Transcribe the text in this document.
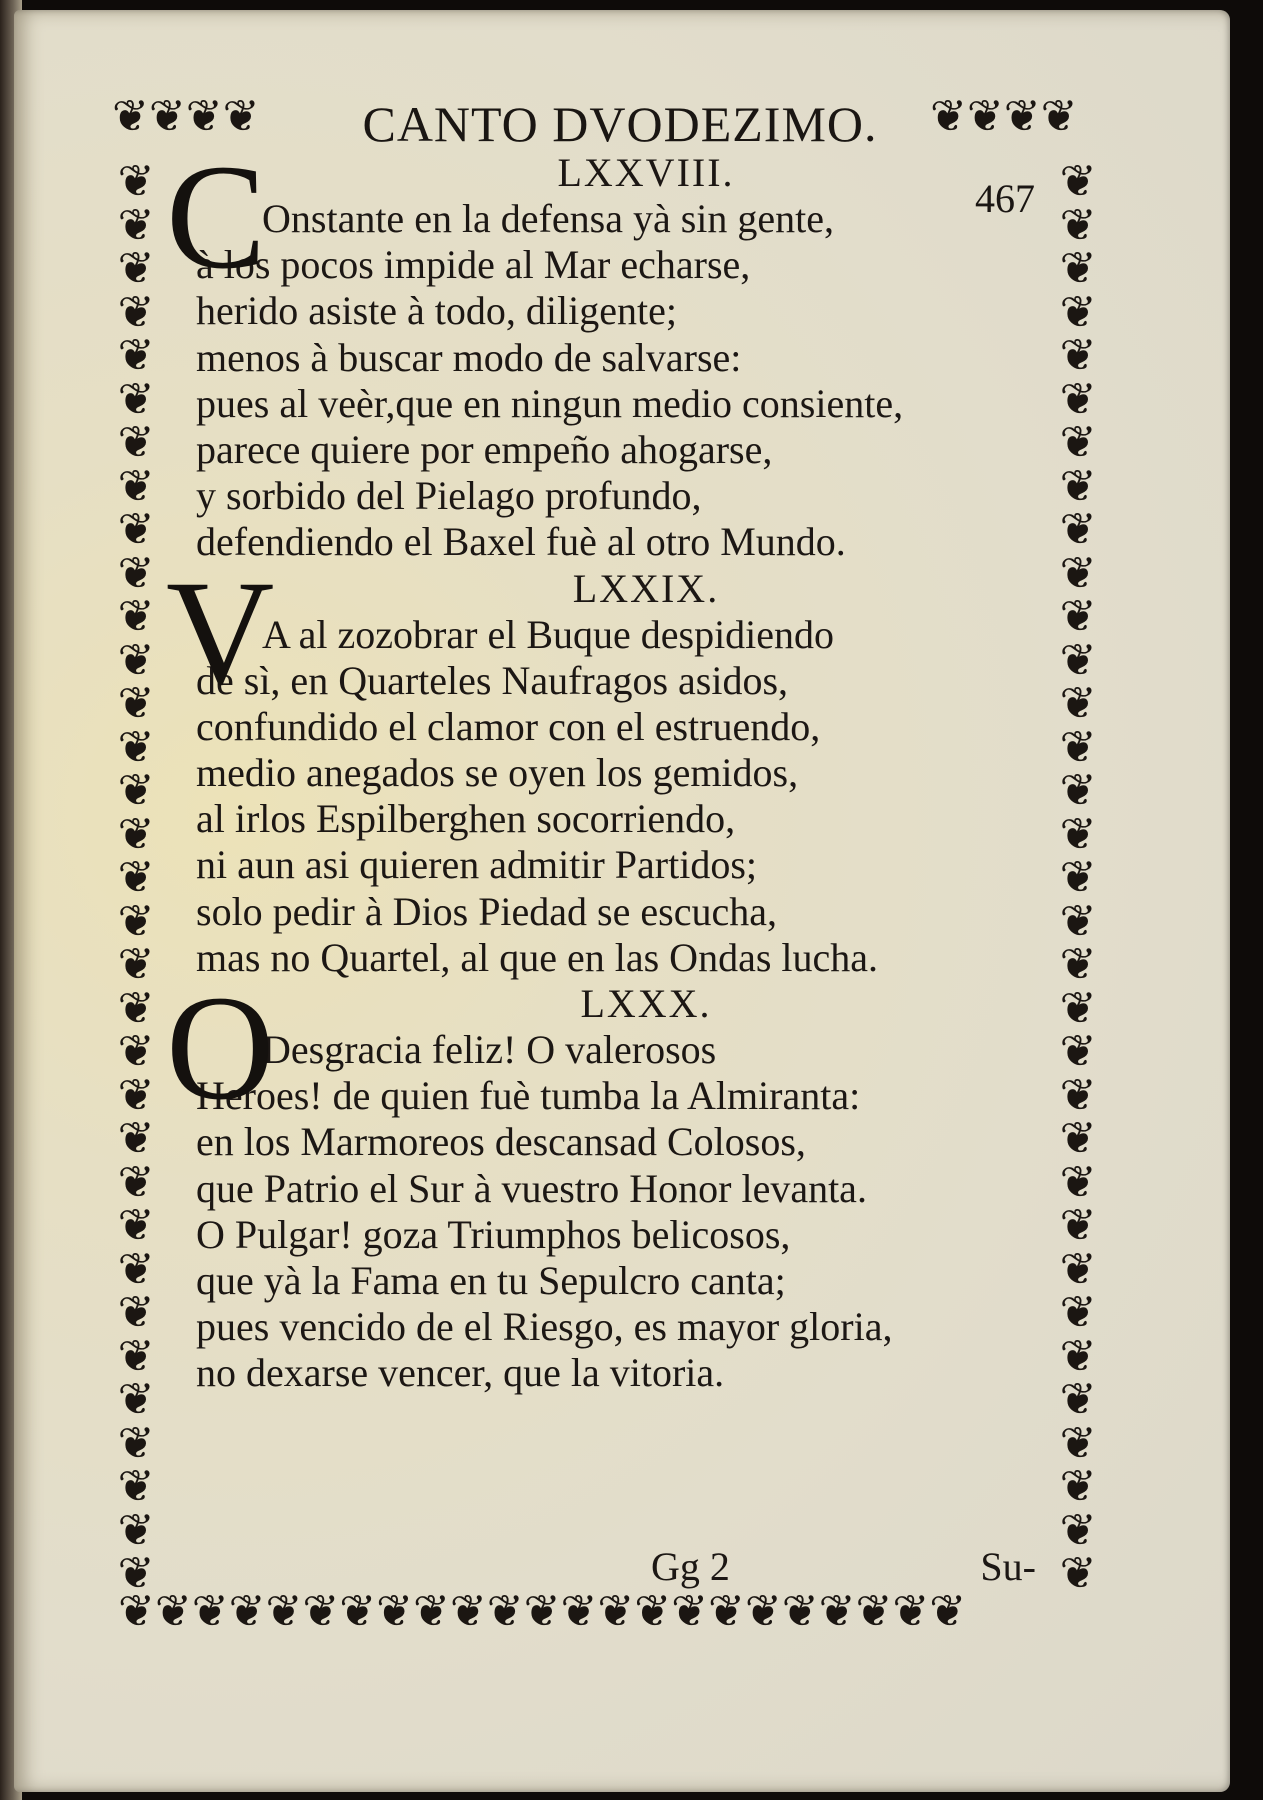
❦ ❦ ❦ ❦	❦ ❦ ❦ ❦
❦
❦
❦
❦
❦
❦
❦
❦
❦
❦
❦
❦
❦
❦
❦
❦
❦
❦
❦
❦
❦
❦
❦
❦
❦
❦
❦
❦
❦
❦
❦
❦
❦
❦
❦
❦
❦
❦
❦
❦
❦
❦
❦
❦
❦
❦
❦
❦
❦
❦
❦
❦
❦
❦
❦
❦
❦
❦
❦
❦
❦
❦
❦
❦
❦
❦
❦ ❦ ❦ ❦ ❦ ❦ ❦ ❦ ❦ ❦ ❦ ❦ ❦ ❦ ❦ ❦ ❦ ❦ ❦ ❦ ❦ ❦ ❦
CANTO DVODEZIMO.
467
C	LXXVIII.
Onstante en la defensa yà sin gente,
à los pocos impide al Mar echarse,
herido asiste à todo, diligente;
menos à buscar modo de salvarse:
pues al veèr,que en ningun medio consiente,
parece quiere por empeño ahogarse,
y sorbido del Pielago profundo,
defendiendo el Baxel fuè al otro Mundo.
V	LXXIX.
A al zozobrar el Buque despidiendo
de sì, en Quarteles Naufragos asidos,
confundido el clamor con el estruendo,
medio anegados se oyen los gemidos,
al irlos Espilberghen socorriendo,
ni aun asi quieren admitir Partidos;
solo pedir à Dios Piedad se escucha,
mas no Quartel, al que en las Ondas lucha.
O	LXXX.
Desgracia feliz! O valerosos
Heroes! de quien fuè tumba la Almiranta:
en los Marmoreos descansad Colosos,
que Patrio el Sur à vuestro Honor levanta.
O Pulgar! goza Triumphos belicosos,
que yà la Fama en tu Sepulcro canta;
pues vencido de el Riesgo, es mayor gloria,
no dexarse vencer, que la vitoria.
Gg 2	Su-
